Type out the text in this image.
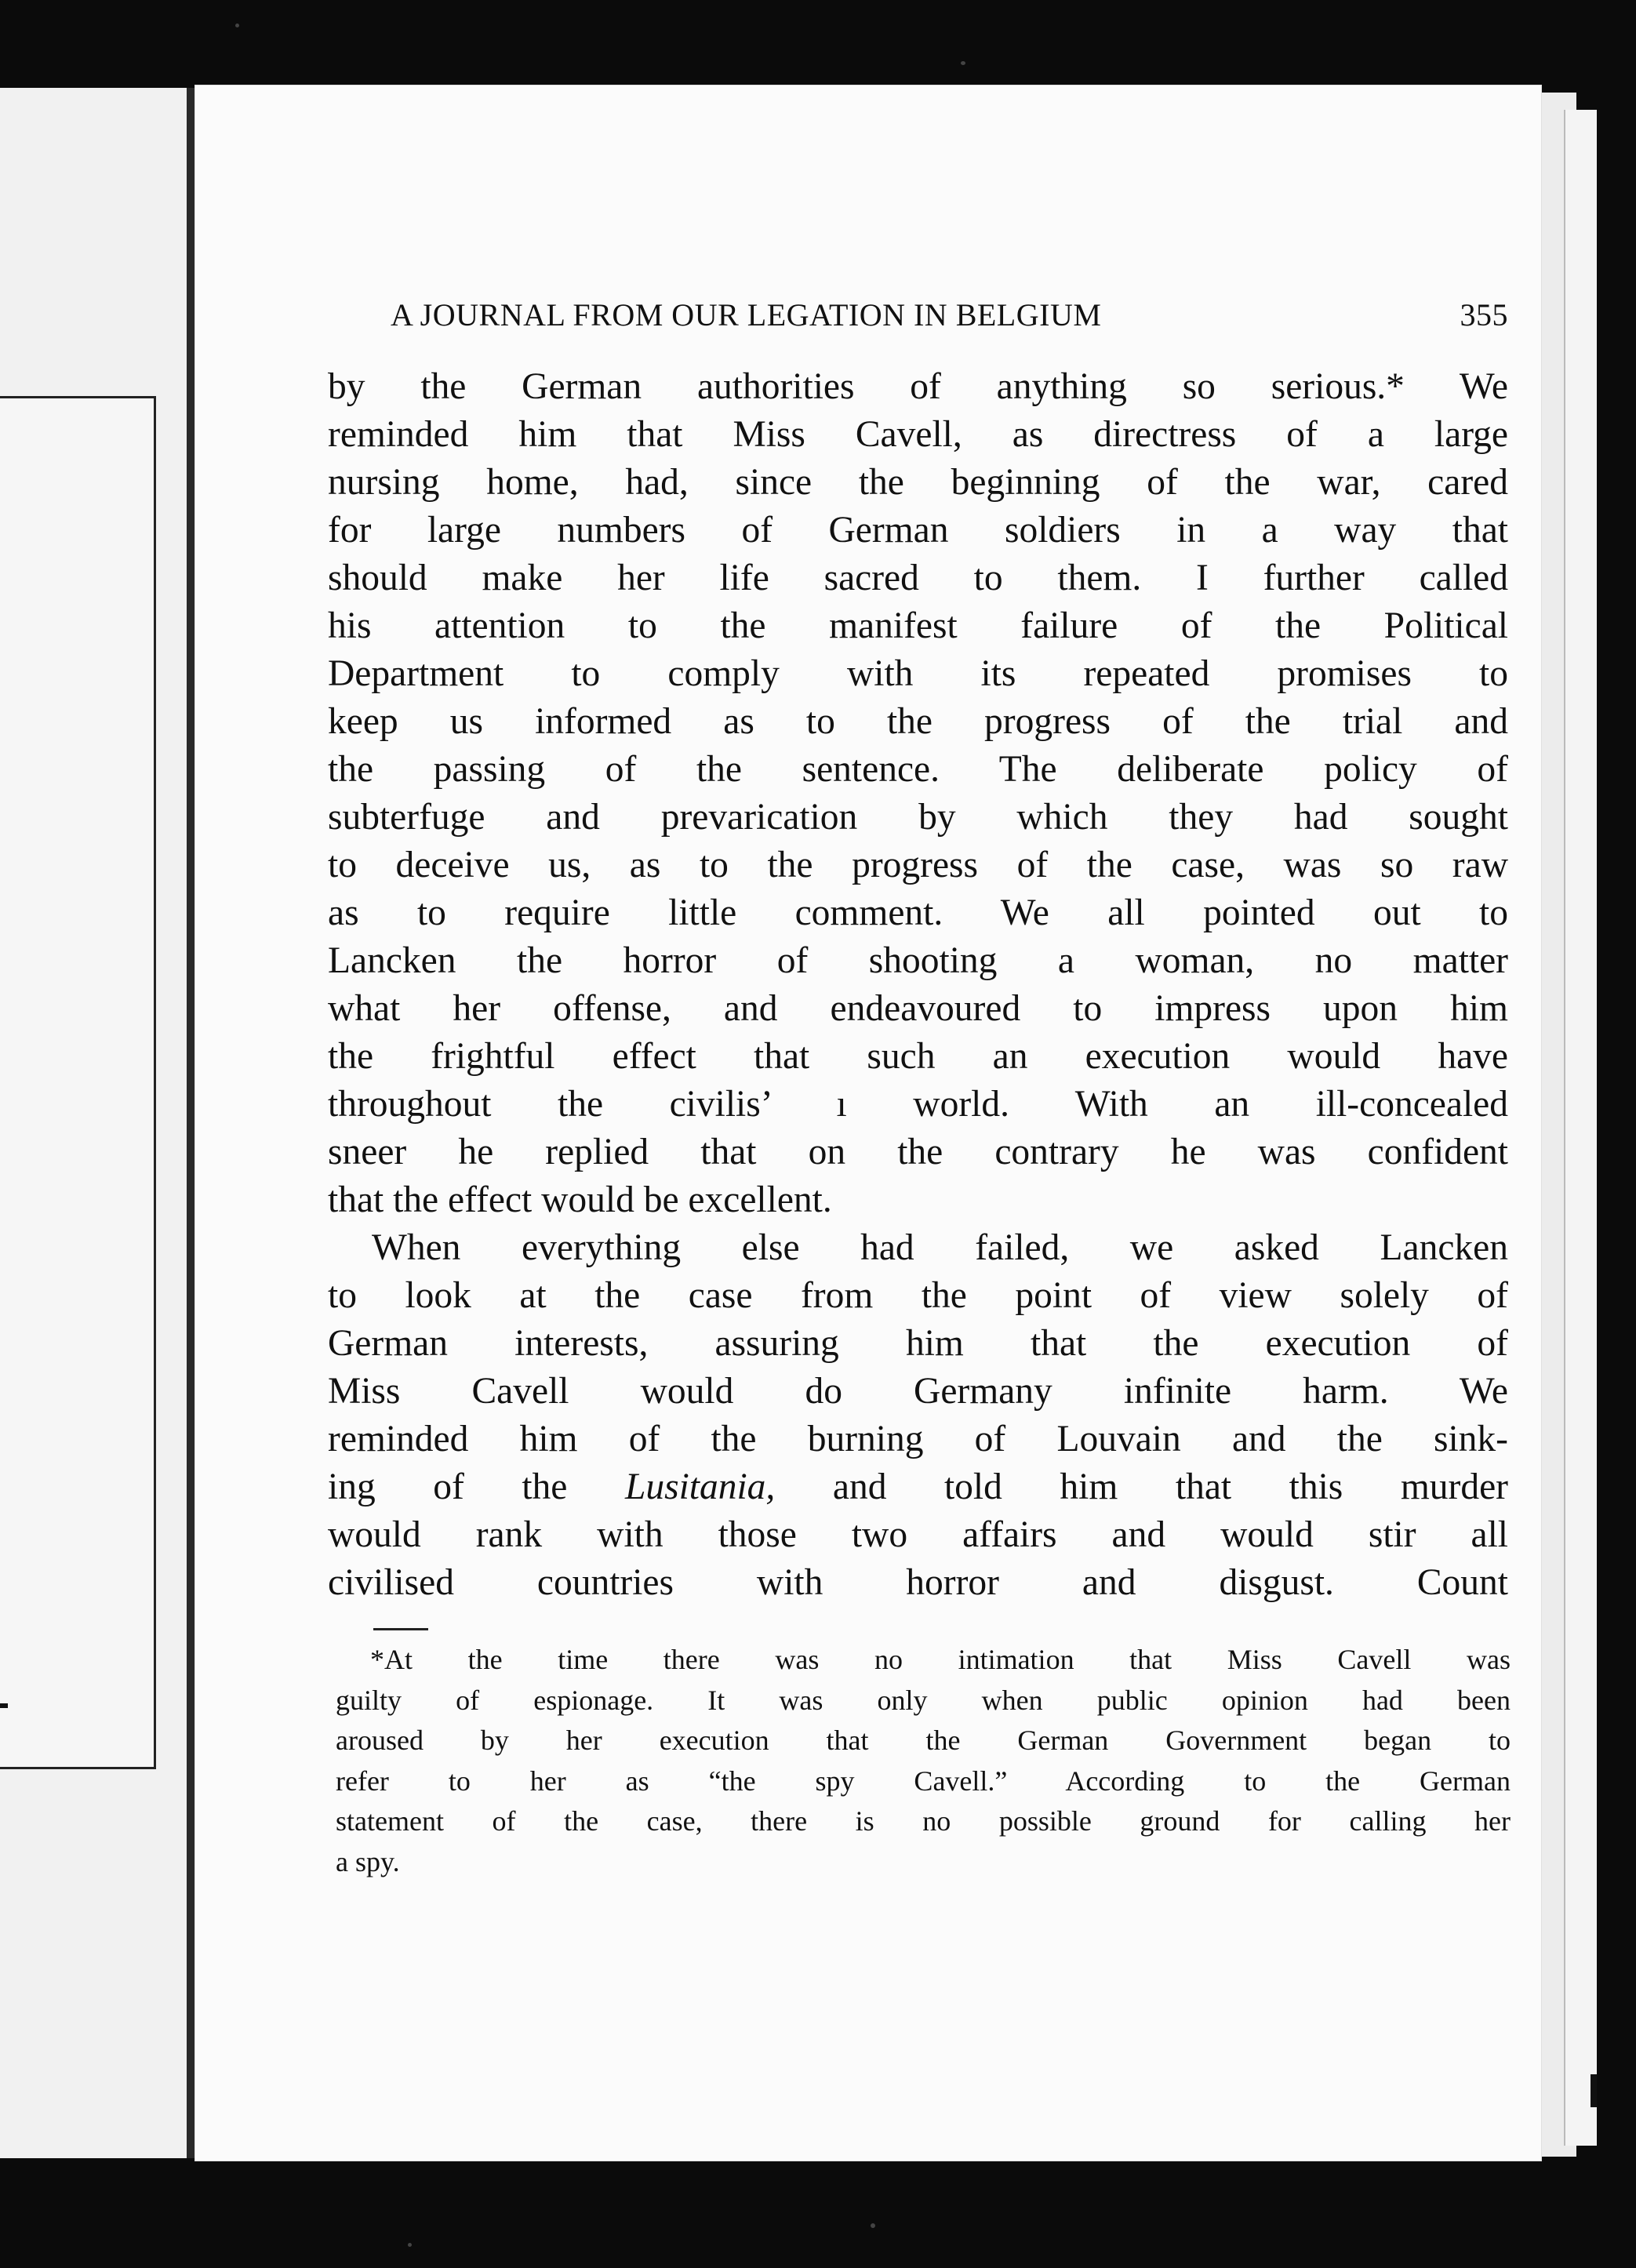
A JOURNAL FROM OUR LEGATION IN BELGIUM	355
by the German authorities of anything so serious.* We
reminded him that Miss Cavell, as directress of a large
nursing home, had, since the beginning of the war, cared
for large numbers of German soldiers in a way that
should make her life sacred to them. I further called
his attention to the manifest failure of the Political
Department to comply with its repeated promises to
keep us informed as to the progress of the trial and
the passing of the sentence. The deliberate policy of
subterfuge and prevarication by which they had sought
to deceive us, as to the progress of the case, was so raw
as to require little comment. We all pointed out to
Lancken the horror of shooting a woman, no matter
what her offense, and endeavoured to impress upon him
the frightful effect that such an execution would have
throughout the civilis’ ı world. With an ill-concealed
sneer he replied that on the contrary he was confident
that the effect would be excellent.
When everything else had failed, we asked Lancken
to look at the case from the point of view solely of
German interests, assuring him that the execution of
Miss Cavell would do Germany infinite harm. We
reminded him of the burning of Louvain and the sink-
ing of the Lusitania, and told him that this murder
would rank with those two affairs and would stir all
civilised countries with horror and disgust. Count
*At the time there was no intimation that Miss Cavell was
guilty of espionage. It was only when public opinion had been
aroused by her execution that the German Government began to
refer to her as “the spy Cavell.” According to the German
statement of the case, there is no possible ground for calling her
a spy.
